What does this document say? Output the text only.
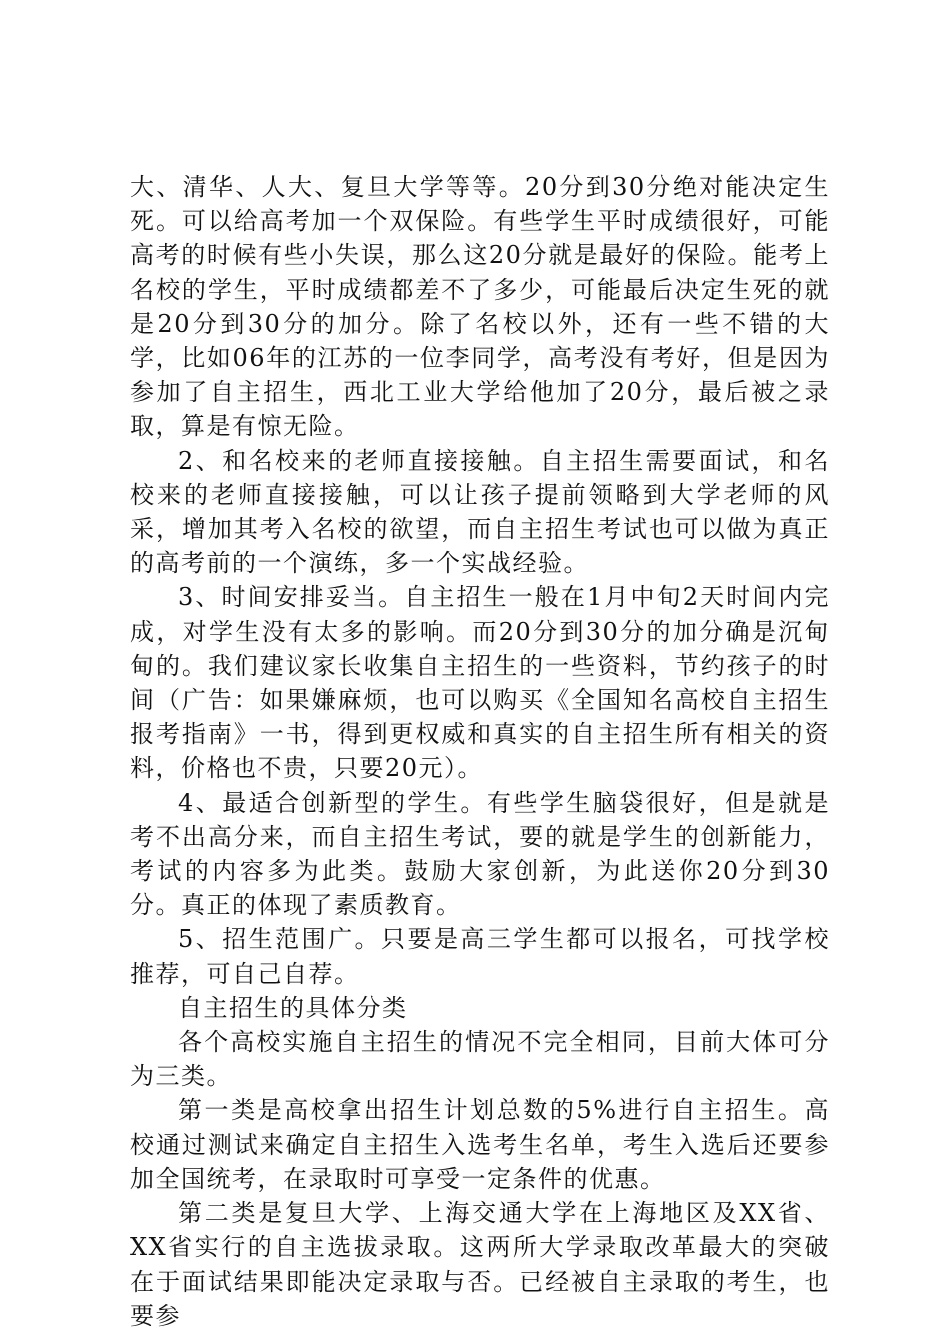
大、清华、人大、复旦大学等等。20分到30分绝对能决定生死。可以给高考加一个双保险。有些学生平时成绩很好，可能高考的时候有些小失误，那么这20分就是最好的保险。能考上名校的学生，平时成绩都差不了多少，可能最后决定生死的就是20分到30分的加分。除了名校以外，还有一些不错的大学，比如06年的江苏的一位李同学，高考没有考好，但是因为参加了自主招生，西北工业大学给他加了20分，最后被之录取，算是有惊无险。

2、和名校来的老师直接接触。自主招生需要面试，和名校来的老师直接接触，可以让孩子提前领略到大学老师的风采，增加其考入名校的欲望，而自主招生考试也可以做为真正的高考前的一个演练，多一个实战经验。

3、时间安排妥当。自主招生一般在1月中旬2天时间内完成，对学生没有太多的影响。而20分到30分的加分确是沉甸甸的。我们建议家长收集自主招生的一些资料，节约孩子的时间（广告：如果嫌麻烦，也可以购买《全国知名高校自主招生报考指南》一书，得到更权威和真实的自主招生所有相关的资料，价格也不贵，只要20元）。

4、最适合创新型的学生。有些学生脑袋很好，但是就是考不出高分来，而自主招生考试，要的就是学生的创新能力，考试的内容多为此类。鼓励大家创新，为此送你20分到30分。真正的体现了素质教育。

5、招生范围广。只要是高三学生都可以报名，可找学校推荐，可自己自荐。

自主招生的具体分类

各个高校实施自主招生的情况不完全相同，目前大体可分为三类。

第一类是高校拿出招生计划总数的5%进行自主招生。高校通过测试来确定自主招生入选考生名单，考生入选后还要参加全国统考，在录取时可享受一定条件的优惠。

第二类是复旦大学、上海交通大学在上海地区及XX省、XX省实行的自主选拔录取。这两所大学录取改革最大的突破在于面试结果即能决定录取与否。已经被自主录取的考生，也要参
